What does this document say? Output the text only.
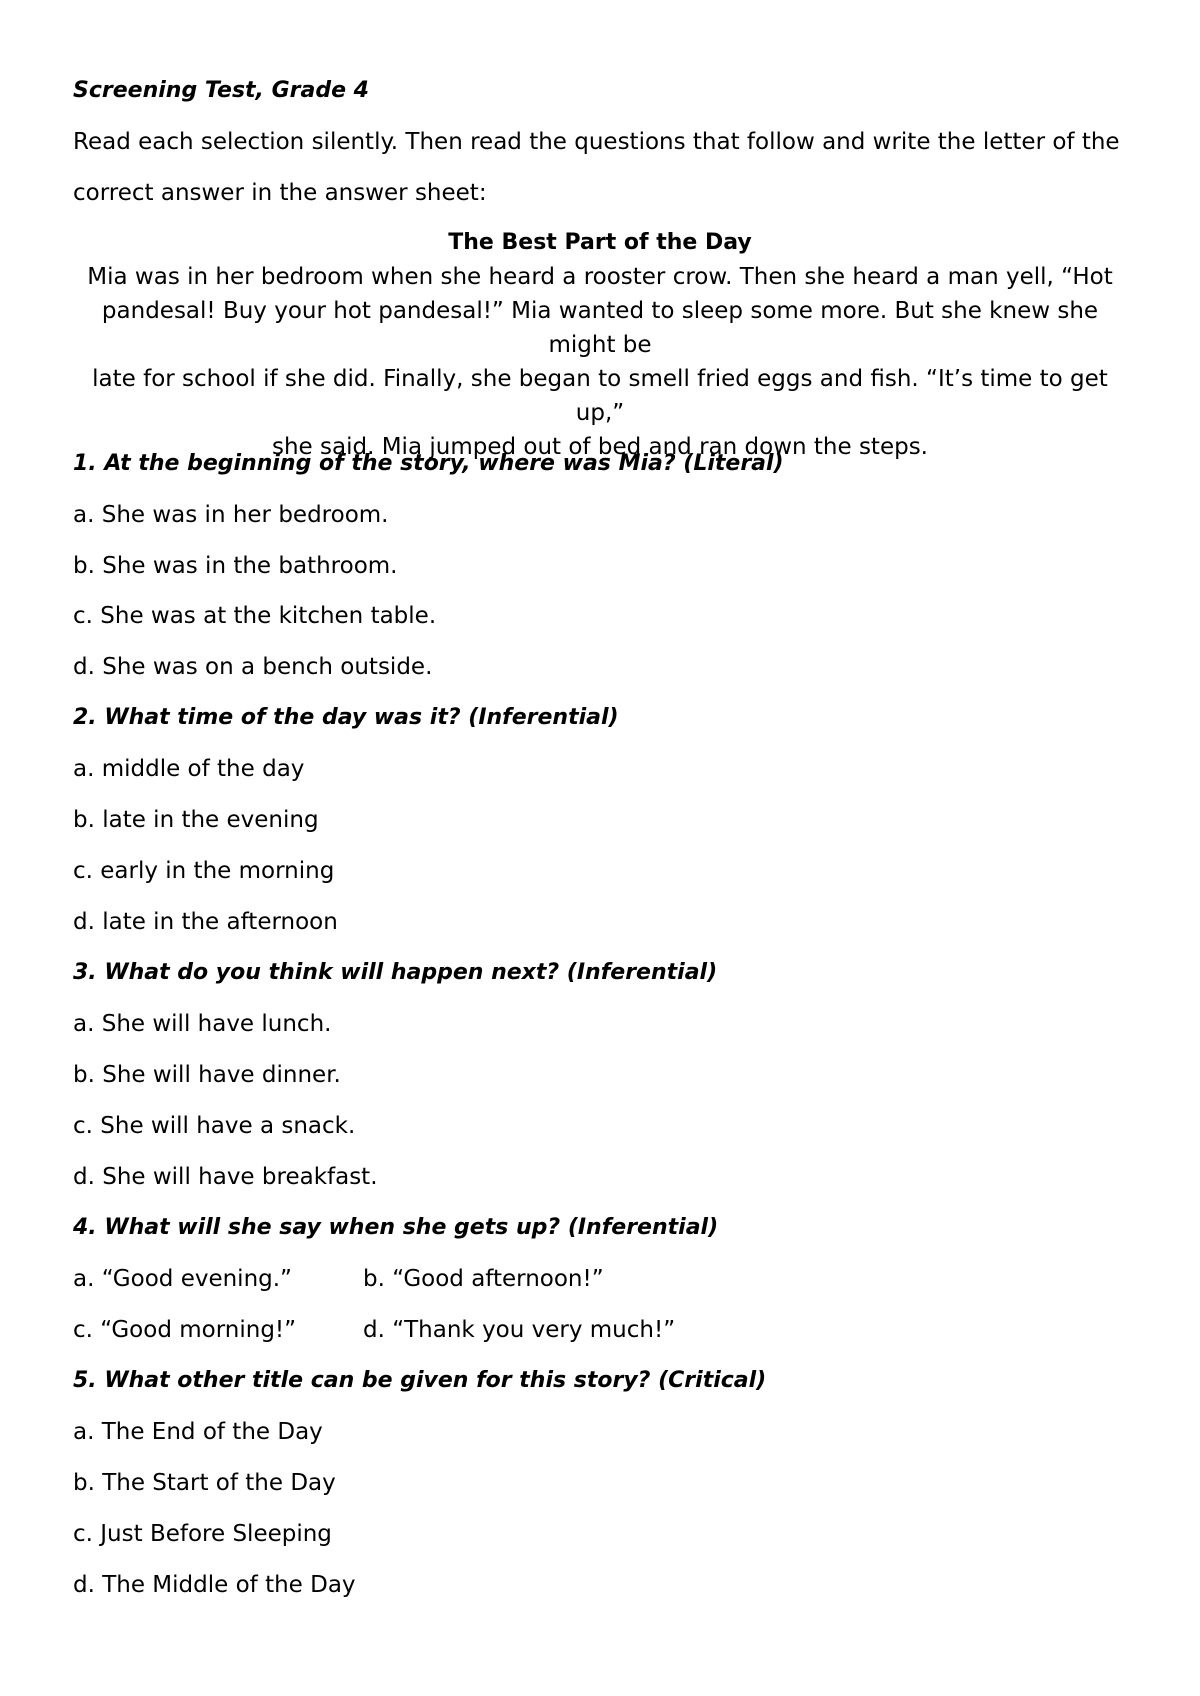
Screening Test, Grade 4
Read each selection silently. Then read the questions that follow and write the letter of the
correct answer in the answer sheet:
The Best Part of the Day
Mia was in her bedroom when she heard a rooster crow. Then she heard a man yell, “Hot
pandesal! Buy your hot pandesal!” Mia wanted to sleep some more. But she knew she might be
late for school if she did. Finally, she began to smell fried eggs and fish. “It’s time to get up,”
she said. Mia jumped out of bed and ran down the steps.
1. At the beginning of the story, where was Mia? (Literal)
a. She was in her bedroom.
b. She was in the bathroom.
c. She was at the kitchen table.
d. She was on a bench outside.
2. What time of the day was it? (Inferential)
a. middle of the day
b. late in the evening
c. early in the morning
d. late in the afternoon
3. What do you think will happen next? (Inferential)
a. She will have lunch.
b. She will have dinner.
c. She will have a snack.
d. She will have breakfast.
4. What will she say when she gets up? (Inferential)
a. “Good evening.”	b. “Good afternoon!”
c. “Good morning!”	d. “Thank you very much!”
5. What other title can be given for this story? (Critical)
a. The End of the Day
b. The Start of the Day
c. Just Before Sleeping
d. The Middle of the Day
